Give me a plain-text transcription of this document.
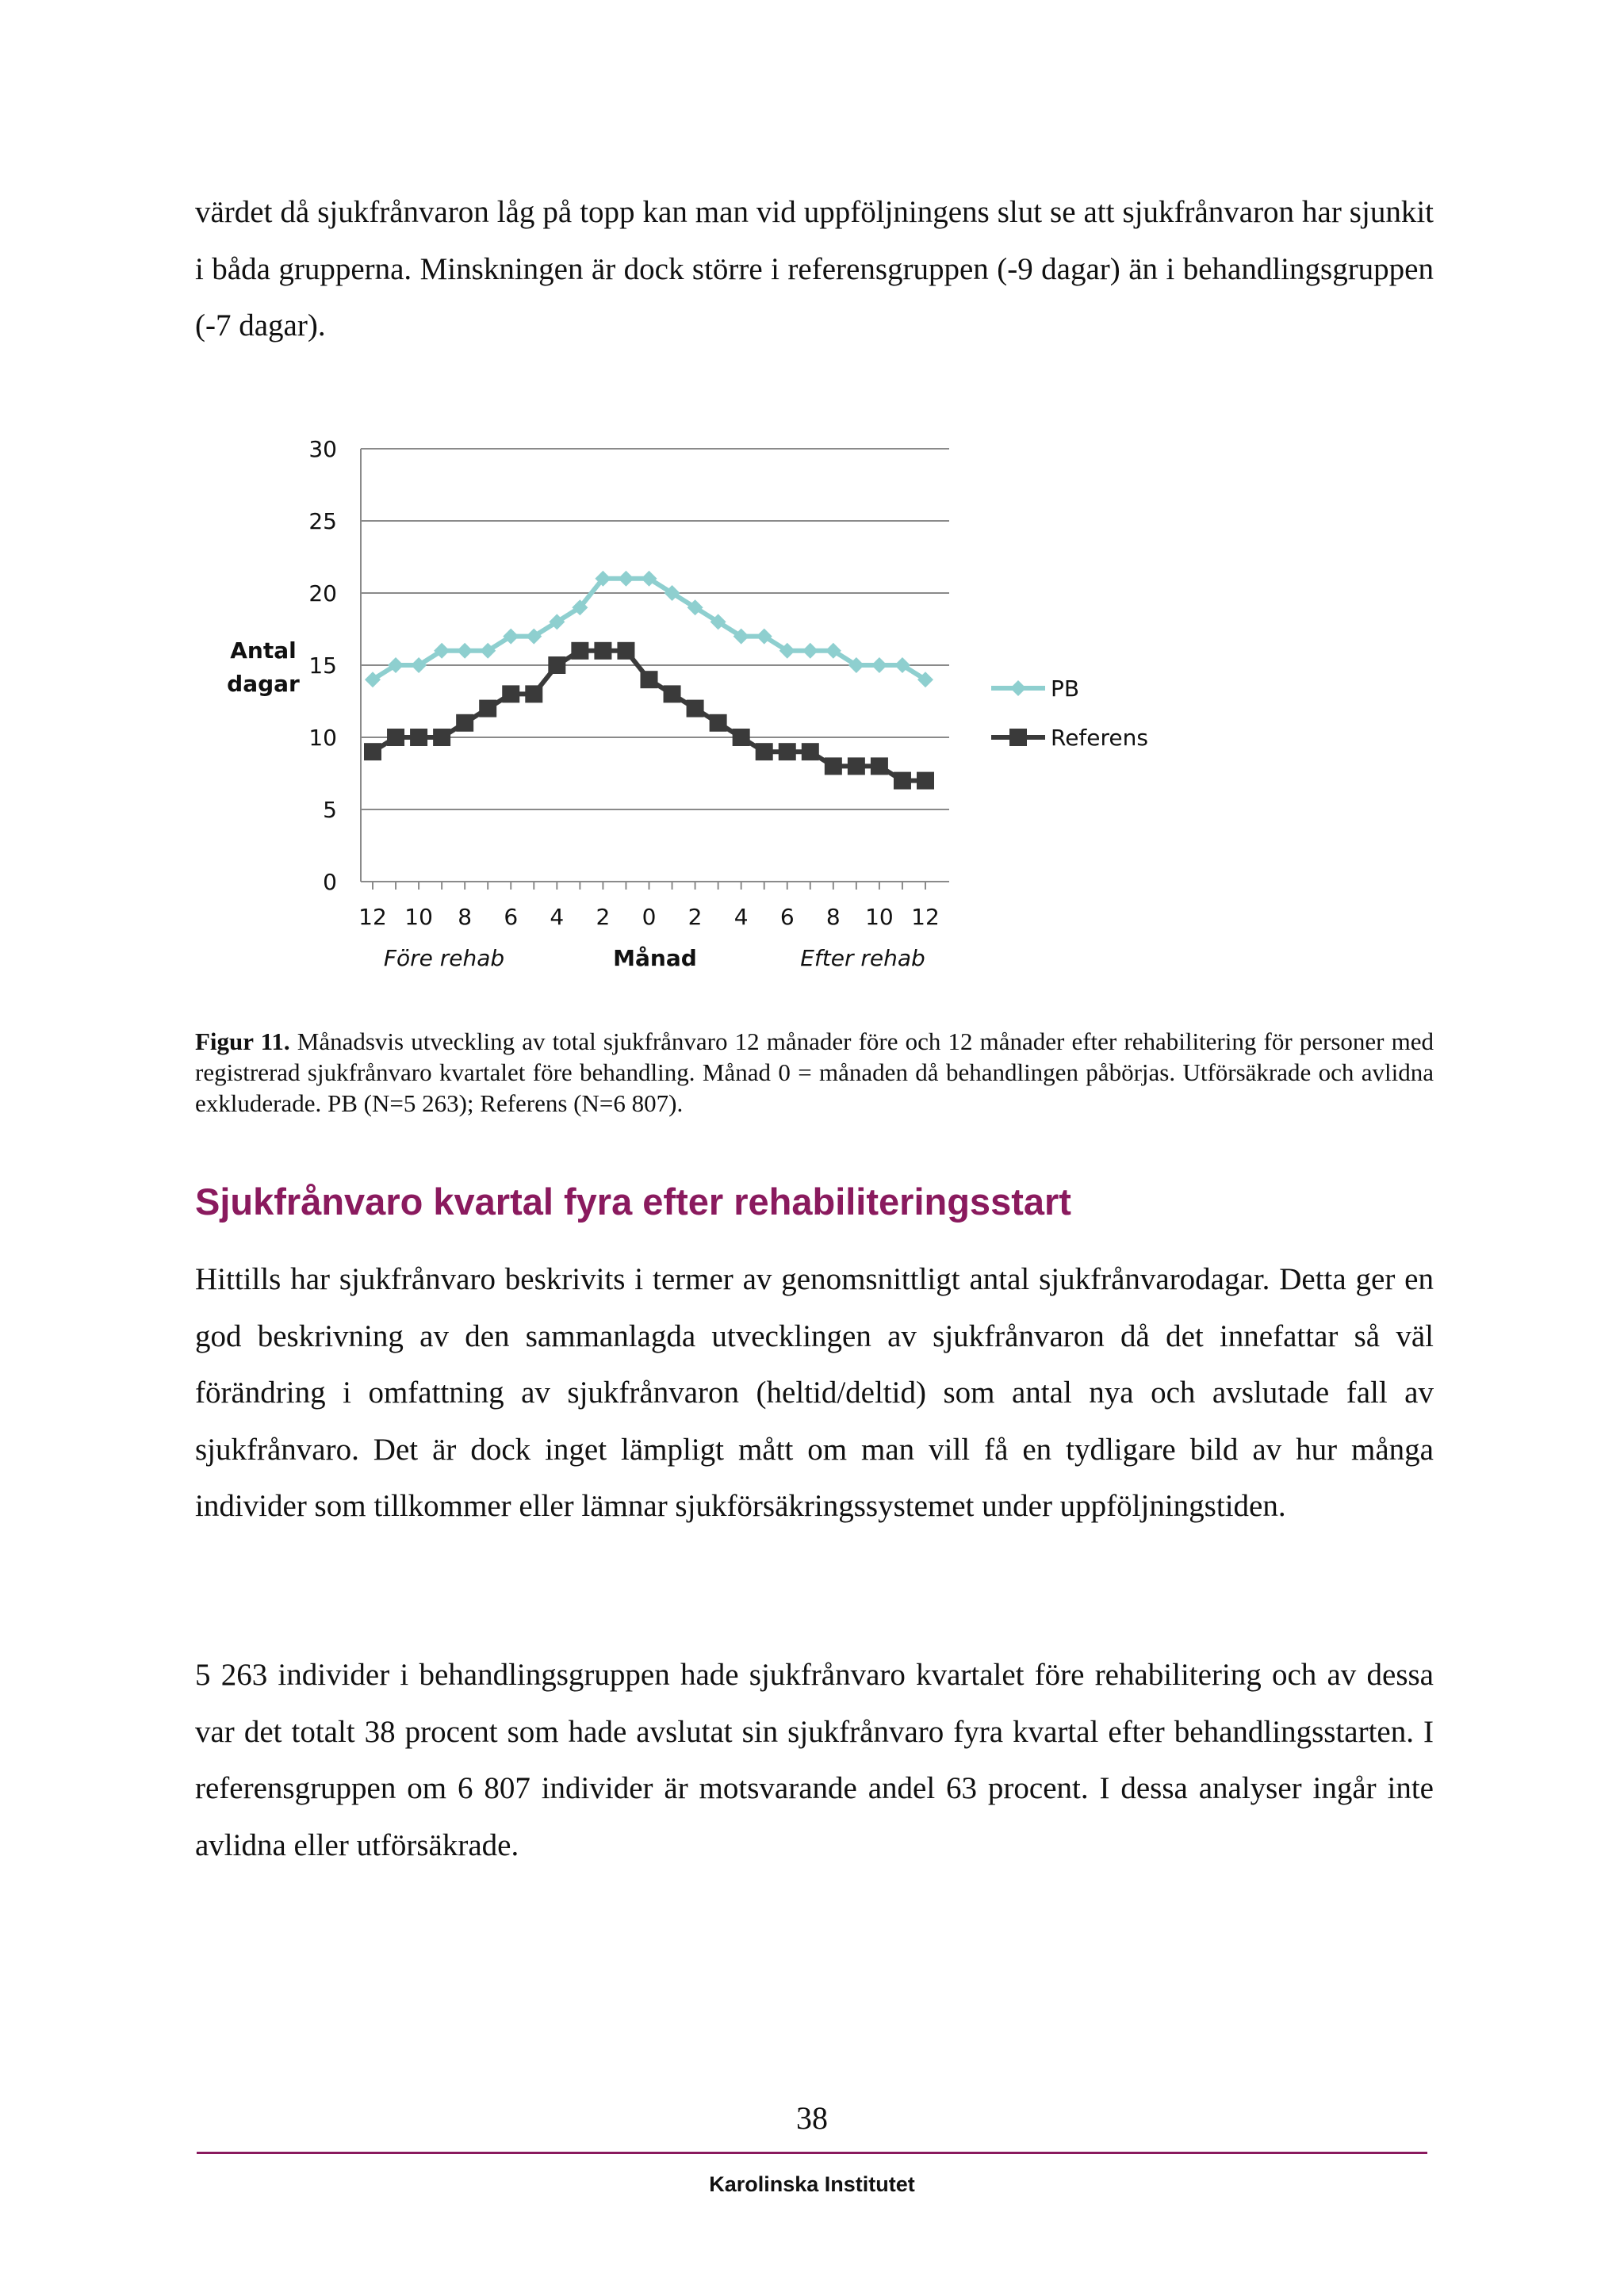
värdet då sjukfrånvaron låg på topp kan man vid uppföljningens slut se att sjukfrånvaron har sjunkit i båda grupperna. Minskningen är dock större i referensgruppen (-9 dagar) än i behandlingsgruppen (-7 dagar).

0
5
10
15
20
25
30
12 10 8 6 4 2 0 2 4 6 8 10 12
Antal
dagar
Före rehab	Månad	Efter rehab
PB
Referens

Figur 11. Månadsvis utveckling av total sjukfrånvaro 12 månader före och 12 månader efter rehabilitering för personer med registrerad sjukfrånvaro kvartalet före behandling. Månad 0 = månaden då behandlingen påbörjas. Utförsäkrade och avlidna exkluderade. PB (N=5 263); Referens (N=6 807).

Sjukfrånvaro kvartal fyra efter rehabiliteringsstart

Hittills har sjukfrånvaro beskrivits i termer av genomsnittligt antal sjukfrånvarodagar. Detta ger en god beskrivning av den sammanlagda utvecklingen av sjukfrånvaron då det innefattar så väl förändring i omfattning av sjukfrånvaron (heltid/deltid) som antal nya och avslutade fall av sjukfrånvaro. Det är dock inget lämpligt mått om man vill få en tydligare bild av hur många individer som tillkommer eller lämnar sjukförsäkringssystemet under uppföljningstiden.

5 263 individer i behandlingsgruppen hade sjukfrånvaro kvartalet före rehabilitering och av dessa var det totalt 38 procent som hade avslutat sin sjukfrånvaro fyra kvartal efter behandlingsstarten. I referensgruppen om 6 807 individer är motsvarande andel 63 procent. I dessa analyser ingår inte avlidna eller utförsäkrade.

38
Karolinska Institutet
